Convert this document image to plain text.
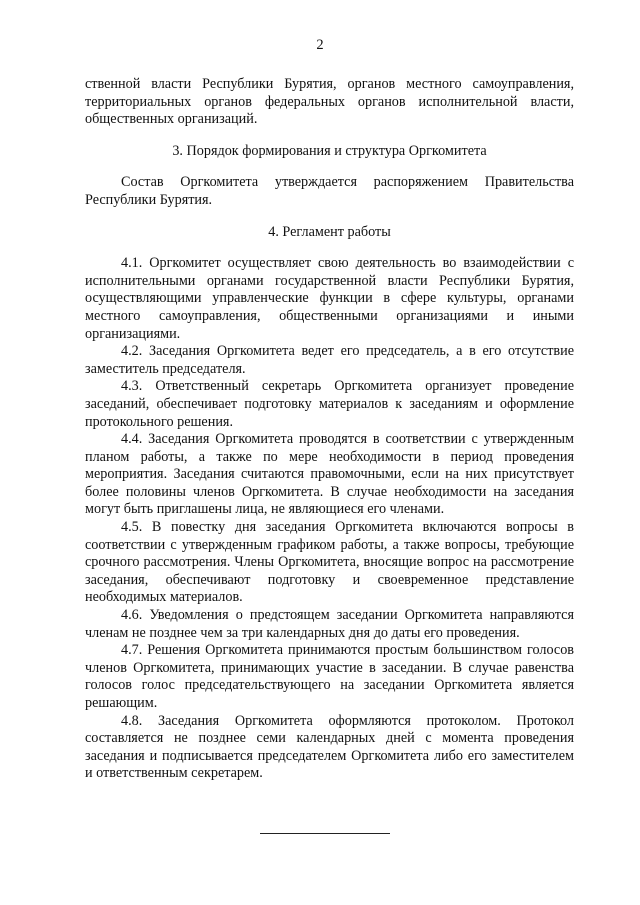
2

ственной власти Республики Бурятия, органов местного самоуправления, территориальных органов федеральных органов исполнительной власти, общественных организаций.

3. Порядок формирования и структура Оргкомитета

Состав Оргкомитета утверждается распоряжением Правительства Республики Бурятия.

4. Регламент работы

4.1. Оргкомитет осуществляет свою деятельность во взаимодействии с исполнительными органами государственной власти Республики Бурятия, осуществляющими управленческие функции в сфере культуры, органами местного самоуправления, общественными организациями и иными организациями.

4.2. Заседания Оргкомитета ведет его председатель, а в его отсутствие заместитель председателя.

4.3. Ответственный секретарь Оргкомитета организует проведение заседаний, обеспечивает подготовку материалов к заседаниям и оформление протокольного решения.

4.4. Заседания Оргкомитета проводятся в соответствии с утвержденным планом работы, а также по мере необходимости в период проведения мероприятия. Заседания считаются правомочными, если на них присутствует более половины членов Оргкомитета. В случае необходимости на заседания могут быть приглашены лица, не являющиеся его членами.

4.5. В повестку дня заседания Оргкомитета включаются вопросы в соответствии с утвержденным графиком работы, а также вопросы, требующие срочного рассмотрения. Члены Оргкомитета, вносящие вопрос на рассмотрение заседания, обеспечивают подготовку и своевременное представление необходимых материалов.

4.6. Уведомления о предстоящем заседании Оргкомитета направляются членам не позднее чем за три календарных дня до даты его проведения.

4.7. Решения Оргкомитета принимаются простым большинством голосов членов Оргкомитета, принимающих участие в заседании. В случае равенства голосов голос председательствующего на заседании Оргкомитета является решающим.

4.8. Заседания Оргкомитета оформляются протоколом. Протокол составляется не позднее семи календарных дней с момента проведения заседания и подписывается председателем Оргкомитета либо его заместителем и ответственным секретарем.
